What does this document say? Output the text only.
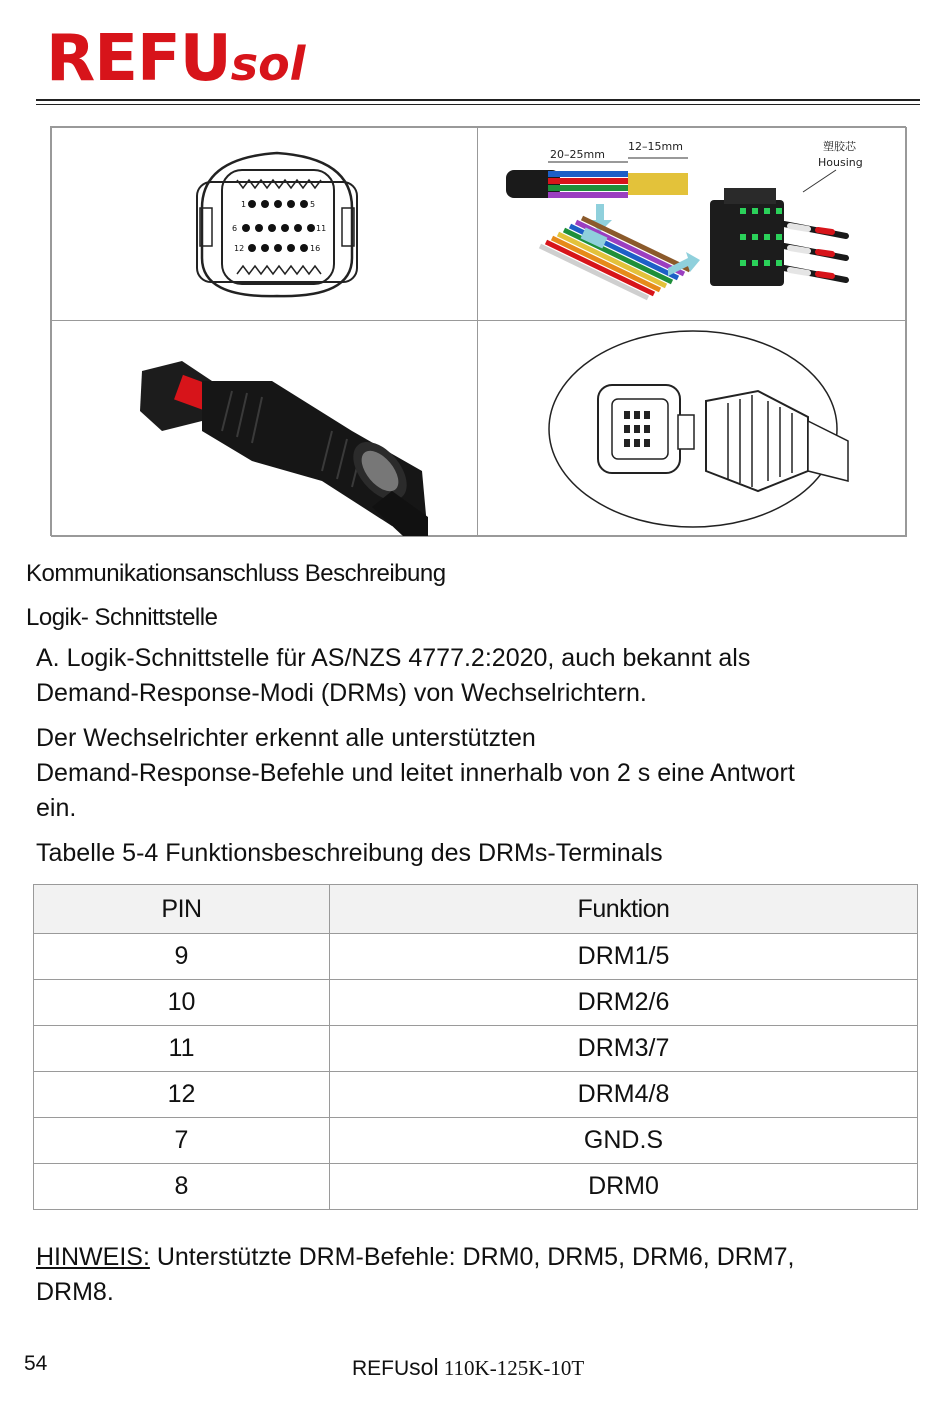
REFUsol
1	5
6	11
12	16
20–25mm
12–15mm	塑胶芯
Housing
Kommunikationsanschluss Beschreibung
Logik- Schnittstelle
A. Logik-Schnittstelle für AS/NZS 4777.2:2020, auch bekannt als
Demand-Response-Modi (DRMs) von Wechselrichtern.
Der Wechselrichter erkennt alle unterstützten
Demand-Response-Befehle und leitet innerhalb von 2 s eine Antwort
ein.
Tabelle 5-4 Funktionsbeschreibung des DRMs-Terminals
PIN	Funktion
9	DRM1/5
10	DRM2/6
11	DRM3/7
12	DRM4/8
7	GND.S
8	DRM0
HINWEIS: Unterstützte DRM-Befehle: DRM0, DRM5, DRM6, DRM7,
DRM8.
54	REFUsol 110K-125K-10T
